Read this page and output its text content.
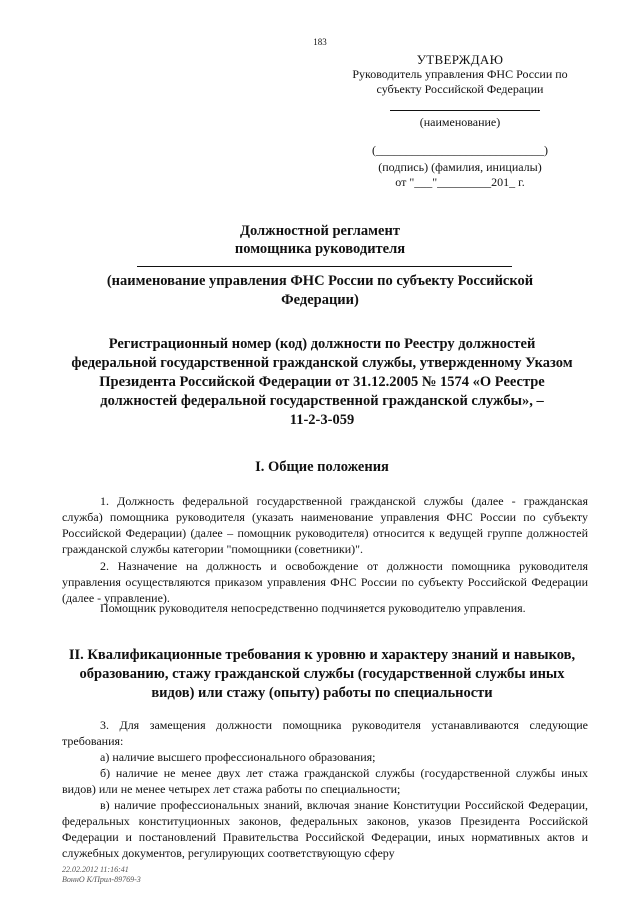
183
УТВЕРЖДАЮ
Руководитель управления ФНС России по
субъекту Российской Федерации
(наименование)
(____________________________)
(подпись) (фамилия, инициалы)
от "___"_________201_ г.
Должностной регламент
помощника руководителя
(наименование управления ФНС России по субъекту Российской
Федерации)
Регистрационный номер (код) должности по Реестру должностей
федеральной государственной гражданской службы, утвержденному Указом
Президента Российской Федерации от 31.12.2005 № 1574 «О Реестре
должностей федеральной государственной гражданской службы», –
11-2-3-059
I. Общие положения

1. Должность федеральной государственной гражданской службы (далее - гражданская служба) помощника руководителя (указать наименование управления ФНС России по субъекту Российской Федерации) (далее – помощник руководителя) относится к ведущей группе должностей гражданской службы категории "помощники (советники)".

2. Назначение на должность и освобождение от должности помощника руководителя управления осуществляются приказом управления ФНС России по субъекту Российской Федерации (далее - управление).

Помощник руководителя непосредственно подчиняется руководителю управления.

II. Квалификационные требования к уровню и характеру знаний и навыков,
образованию, стажу гражданской службы (государственной службы иных
видов) или стажу (опыту) работы по специальности

3. Для замещения должности помощника руководителя устанавливаются следующие требования:

а) наличие высшего профессионального образования;

б) наличие не менее двух лет стажа гражданской службы (государственной службы иных видов) или не менее четырех лет стажа работы по специальности;

в) наличие профессиональных знаний, включая знание Конституции Российской Федерации, федеральных конституционных законов, федеральных законов, указов Президента Российской Федерации и постановлений Правительства Российской Федерации, иных нормативных актов и служебных документов, регулирующих соответствующую сферу

22.02.2012 11:16:41
ВоннО К/Прил-89769-3
